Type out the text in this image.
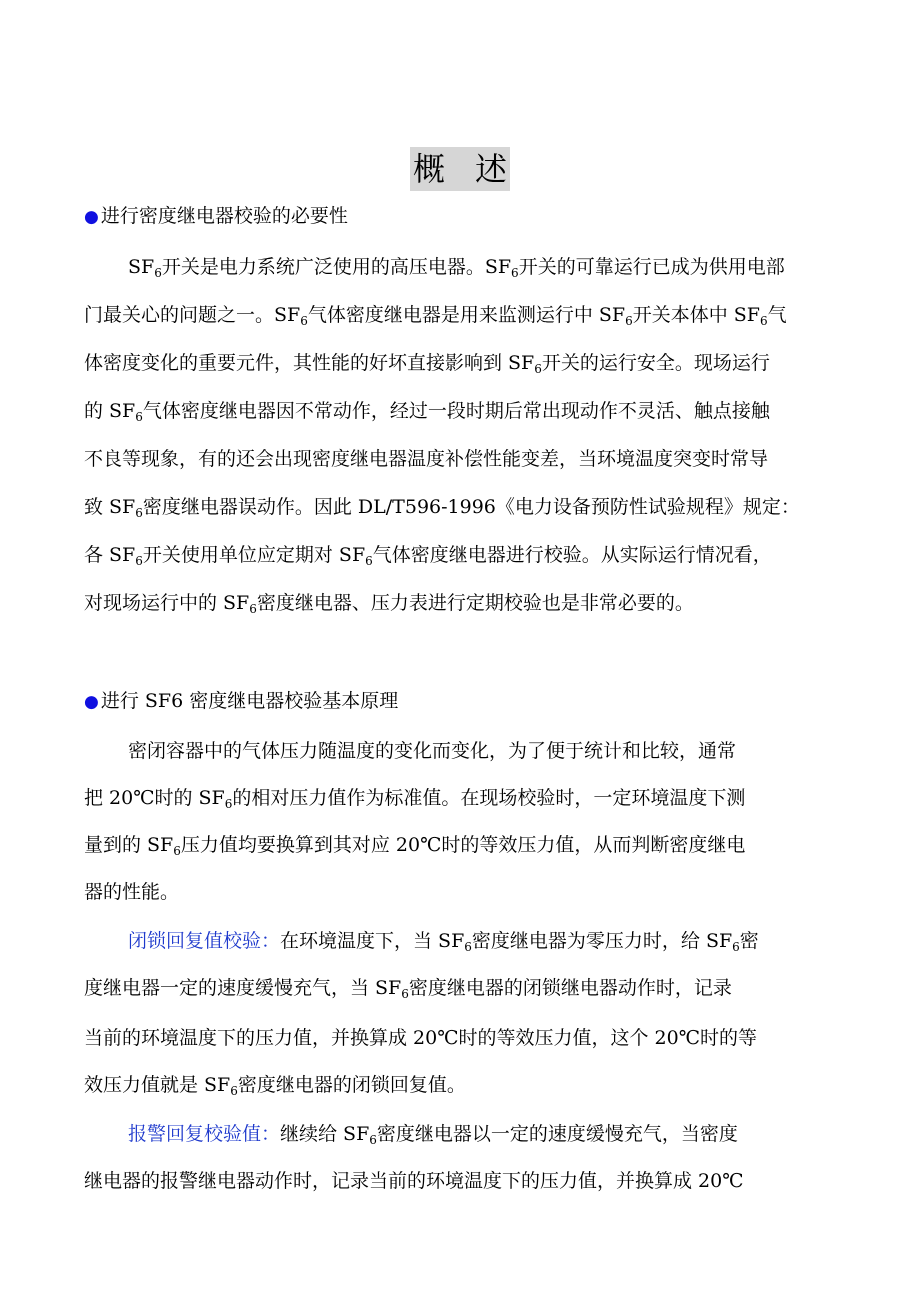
概述
● 进行密度继电器校验的必要性
$SF_6$开关是电力系统广泛使用的高压电器。$SF_6$开关的可靠运行已成为供用电部
门最关心的问题之一。$SF_6$气体密度继电器是用来监测运行中 $SF_6$开关本体中 $SF_6$气
体密度变化的重要元件，其性能的好坏直接影响到 $SF_6$开关的运行安全。现场运行
的 $SF_6$气体密度继电器因不常动作，经过一段时期后常出现动作不灵活、触点接触
不良等现象，有的还会出现密度继电器温度补偿性能变差，当环境温度突变时常导
致 $SF_6$密度继电器误动作。因此 DL/T596-1996《电力设备预防性试验规程》规定：
各 $SF_6$开关使用单位应定期对 $SF_6$气体密度继电器进行校验。从实际运行情况看，
对现场运行中的 $SF_6$密度继电器、压力表进行定期校验也是非常必要的。
● 进行 SF6 密度继电器校验基本原理
密闭容器中的气体压力随温度的变化而变化，为了便于统计和比较，通常
把 20℃时的 $SF_6$的相对压力值作为标准值。在现场校验时，一定环境温度下测
量到的 $SF_6$压力值均要换算到其对应 20℃时的等效压力值，从而判断密度继电
器的性能。
闭锁回复值校验：在环境温度下，当 $SF_6$密度继电器为零压力时，给 $SF_6$密
度继电器一定的速度缓慢充气，当 $SF_6$密度继电器的闭锁继电器动作时，记录
当前的环境温度下的压力值，并换算成 20℃时的等效压力值，这个 20℃时的等
效压力值就是 $SF_6$密度继电器的闭锁回复值。
报警回复校验值：继续给 $SF_6$密度继电器以一定的速度缓慢充气，当密度
继电器的报警继电器动作时，记录当前的环境温度下的压力值，并换算成 20℃
